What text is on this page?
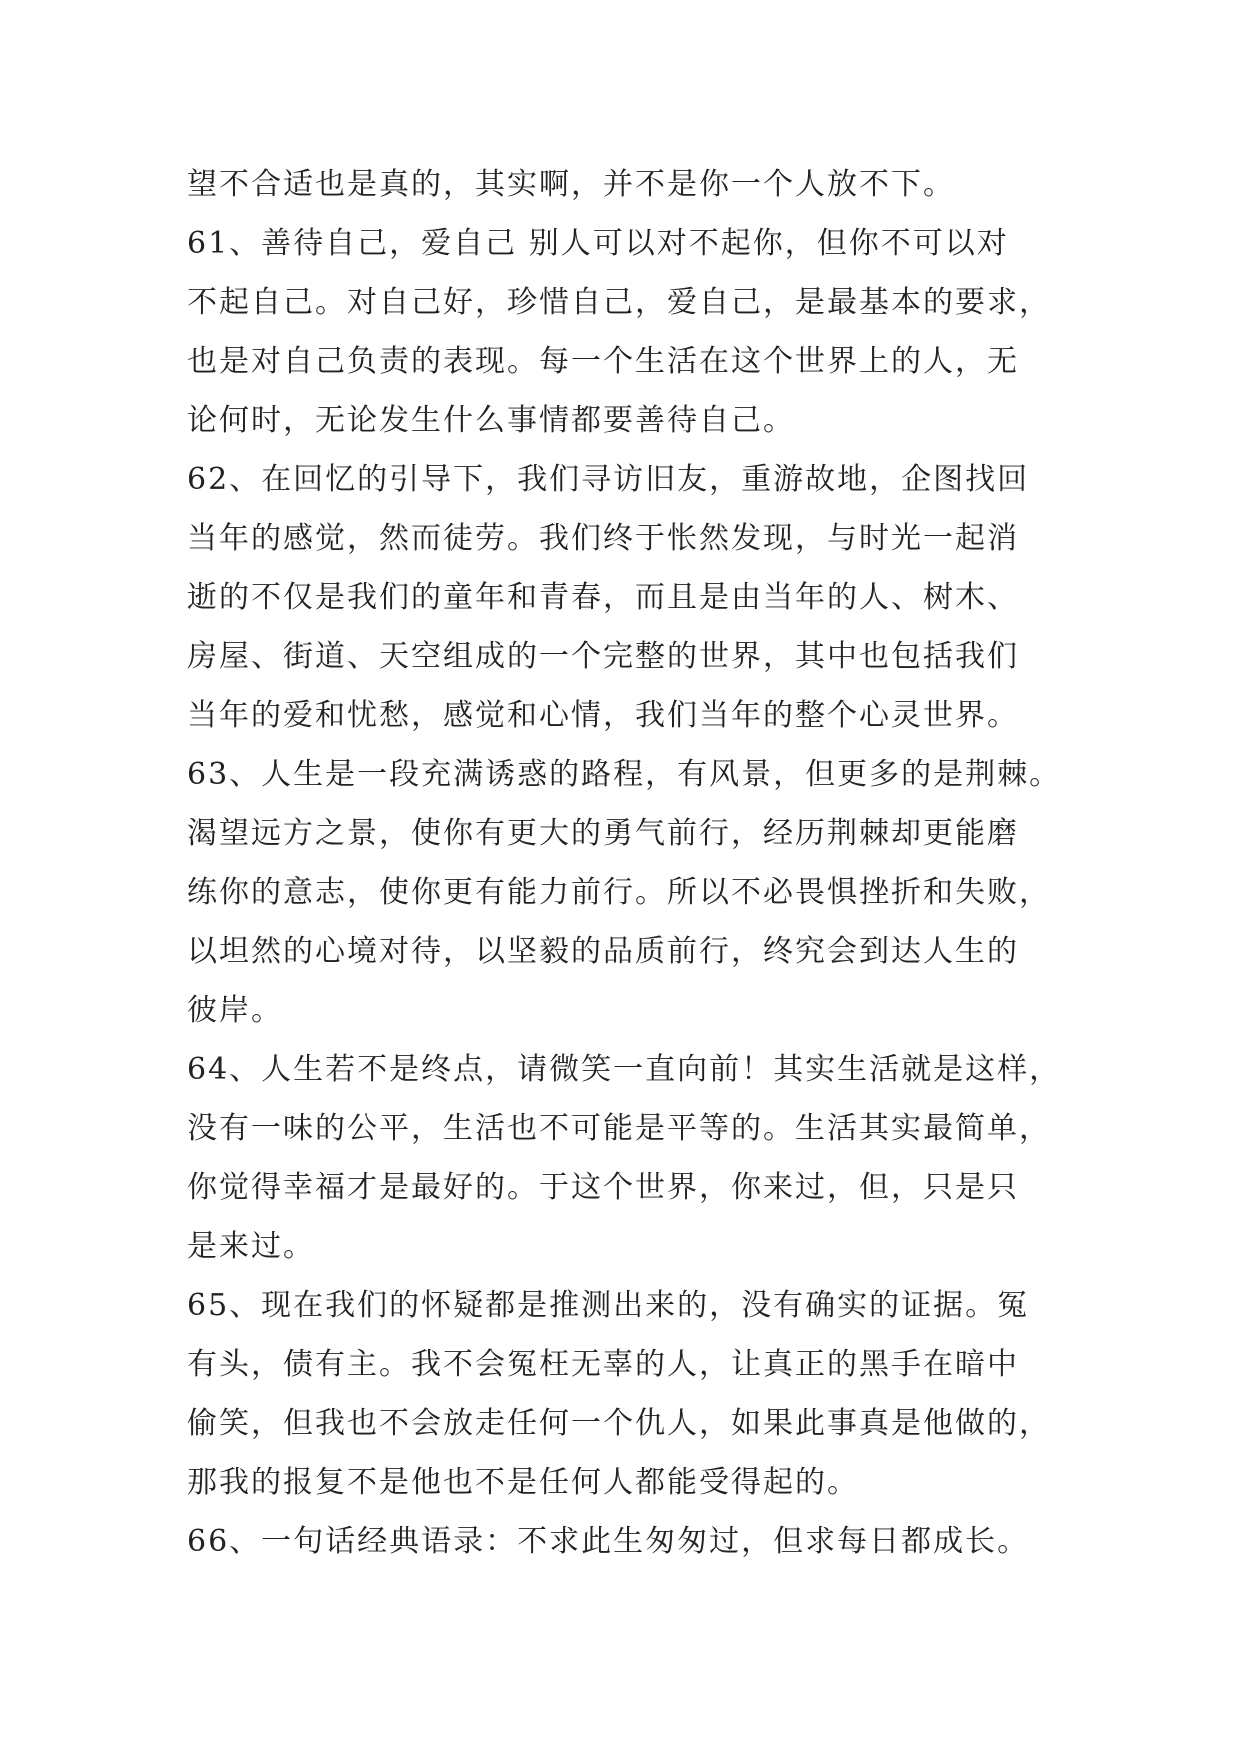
望不合适也是真的，其实啊，并不是你一个人放不下。
61、善待自己，爱自己 别人可以对不起你，但你不可以对
不起自己。对自己好，珍惜自己，爱自己，是最基本的要求，
也是对自己负责的表现。每一个生活在这个世界上的人，无
论何时，无论发生什么事情都要善待自己。
62、在回忆的引导下，我们寻访旧友，重游故地，企图找回
当年的感觉，然而徒劳。我们终于怅然发现，与时光一起消
逝的不仅是我们的童年和青春，而且是由当年的人、树木、
房屋、街道、天空组成的一个完整的世界，其中也包括我们
当年的爱和忧愁，感觉和心情，我们当年的整个心灵世界。
63、人生是一段充满诱惑的路程，有风景，但更多的是荆棘。
渴望远方之景，使你有更大的勇气前行，经历荆棘却更能磨
练你的意志，使你更有能力前行。所以不必畏惧挫折和失败，
以坦然的心境对待，以坚毅的品质前行，终究会到达人生的
彼岸。
64、人生若不是终点，请微笑一直向前！其实生活就是这样，
没有一味的公平，生活也不可能是平等的。生活其实最简单，
你觉得幸福才是最好的。于这个世界，你来过，但，只是只
是来过。
65、现在我们的怀疑都是推测出来的，没有确实的证据。冤
有头，债有主。我不会冤枉无辜的人，让真正的黑手在暗中
偷笑，但我也不会放走任何一个仇人，如果此事真是他做的，
那我的报复不是他也不是任何人都能受得起的。
66、一句话经典语录：不求此生匆匆过，但求每日都成长。
